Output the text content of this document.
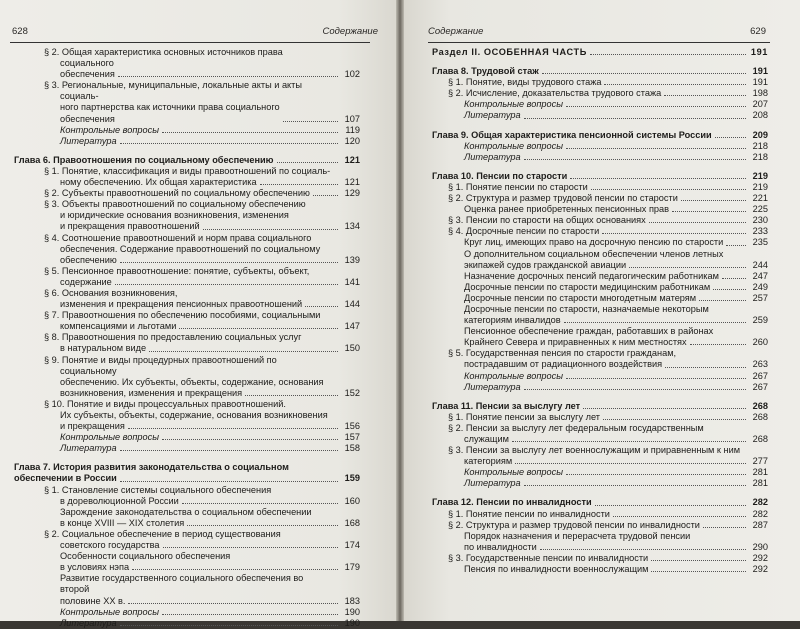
628	Содержание
§ 2. Общая характеристика основных источников права социального
обеспечения	102
§ 3. Региональные, муниципальные, локальные акты и акты социаль-
ного партнерства как источники права социального обеспечения	107
Контрольные вопросы	119
Литература	120
Глава 6. Правоотношения по социальному обеспечению	121
§ 1. Понятие, классификация и виды правоотношений по социаль-
ному обеспечению. Их общая характеристика	121
§ 2. Субъекты правоотношений по социальному обеспечению	129
§ 3. Объекты правоотношений по социальному обеспечению
и юридические основания возникновения, изменения
и прекращения правоотношений	134
§ 4. Соотношение правоотношений и норм права социального
обеспечения. Содержание правоотношений по социальному
обеспечению	139
§ 5. Пенсионное правоотношение: понятие, субъекты, объект,
содержание	141
§ 6. Основания возникновения,
изменения и прекращения пенсионных правоотношений	144
§ 7. Правоотношения по обеспечению пособиями, социальными
компенсациями и льготами	147
§ 8. Правоотношения по предоставлению социальных услуг
в натуральном виде	150
§ 9. Понятие и виды процедурных правоотношений по социальному
обеспечению. Их субъекты, объекты, содержание, основания
возникновения, изменения и прекращения	152
§ 10. Понятие и виды процессуальных правоотношений.
Их субъекты, объекты, содержание, основания возникновения
и прекращения	156
Контрольные вопросы	157
Литература	158
Глава 7. История развития законодательства о социальном
обеспечении в России	159
§ 1. Становление системы социального обеспечения
в дореволюционной России	160
Зарождение законодательства о социальном обеспечении
в конце XVIII — XIX столетия	168
§ 2. Социальное обеспечение в период существования
советского государства	174
Особенности социального обеспечения
в условиях нэпа	179
Развитие государственного социального обеспечения во второй
половине XX в.	183
Контрольные вопросы	190
Литература	190
Содержание	629
Раздел II. ОСОБЕННАЯ ЧАСТЬ	191
Глава 8. Трудовой стаж	191
§ 1. Понятие, виды трудового стажа	191
§ 2. Исчисление, доказательства трудового стажа	198
Контрольные вопросы	207
Литература	208
Глава 9. Общая характеристика пенсионной системы России	209
Контрольные вопросы	218
Литература	218
Глава 10. Пенсии по старости	219
§ 1. Понятие пенсии по старости	219
§ 2. Структура и размер трудовой пенсии по старости	221
Оценка ранее приобретенных пенсионных прав	225
§ 3. Пенсии по старости на общих основаниях	230
§ 4. Досрочные пенсии по старости	233
Круг лиц, имеющих право на досрочную пенсию по старости	235
О дополнительном социальном обеспечении членов летных
экипажей судов гражданской авиации	244
Назначение досрочных пенсий педагогическим работникам	247
Досрочные пенсии по старости медицинским работникам	249
Досрочные пенсии по старости многодетным матерям	257
Досрочные пенсии по старости, назначаемые некоторым
категориям инвалидов	259
Пенсионное обеспечение граждан, работавших в районах
Крайнего Севера и приравненных к ним местностях	260
§ 5. Государственная пенсия по старости гражданам,
пострадавшим от радиационного воздействия	263
Контрольные вопросы	267
Литература	267
Глава 11. Пенсии за выслугу лет	268
§ 1. Понятие пенсии за выслугу лет	268
§ 2. Пенсии за выслугу лет федеральным государственным
служащим	268
§ 3. Пенсии за выслугу лет военнослужащим и приравненным к ним
категориям	277
Контрольные вопросы	281
Литература	281
Глава 12. Пенсии по инвалидности	282
§ 1. Понятие пенсии по инвалидности	282
§ 2. Структура и размер трудовой пенсии по инвалидности	287
Порядок назначения и перерасчета трудовой пенсии
по инвалидности	290
§ 3. Государственные пенсии по инвалидности	292
Пенсия по инвалидности военнослужащим	292
